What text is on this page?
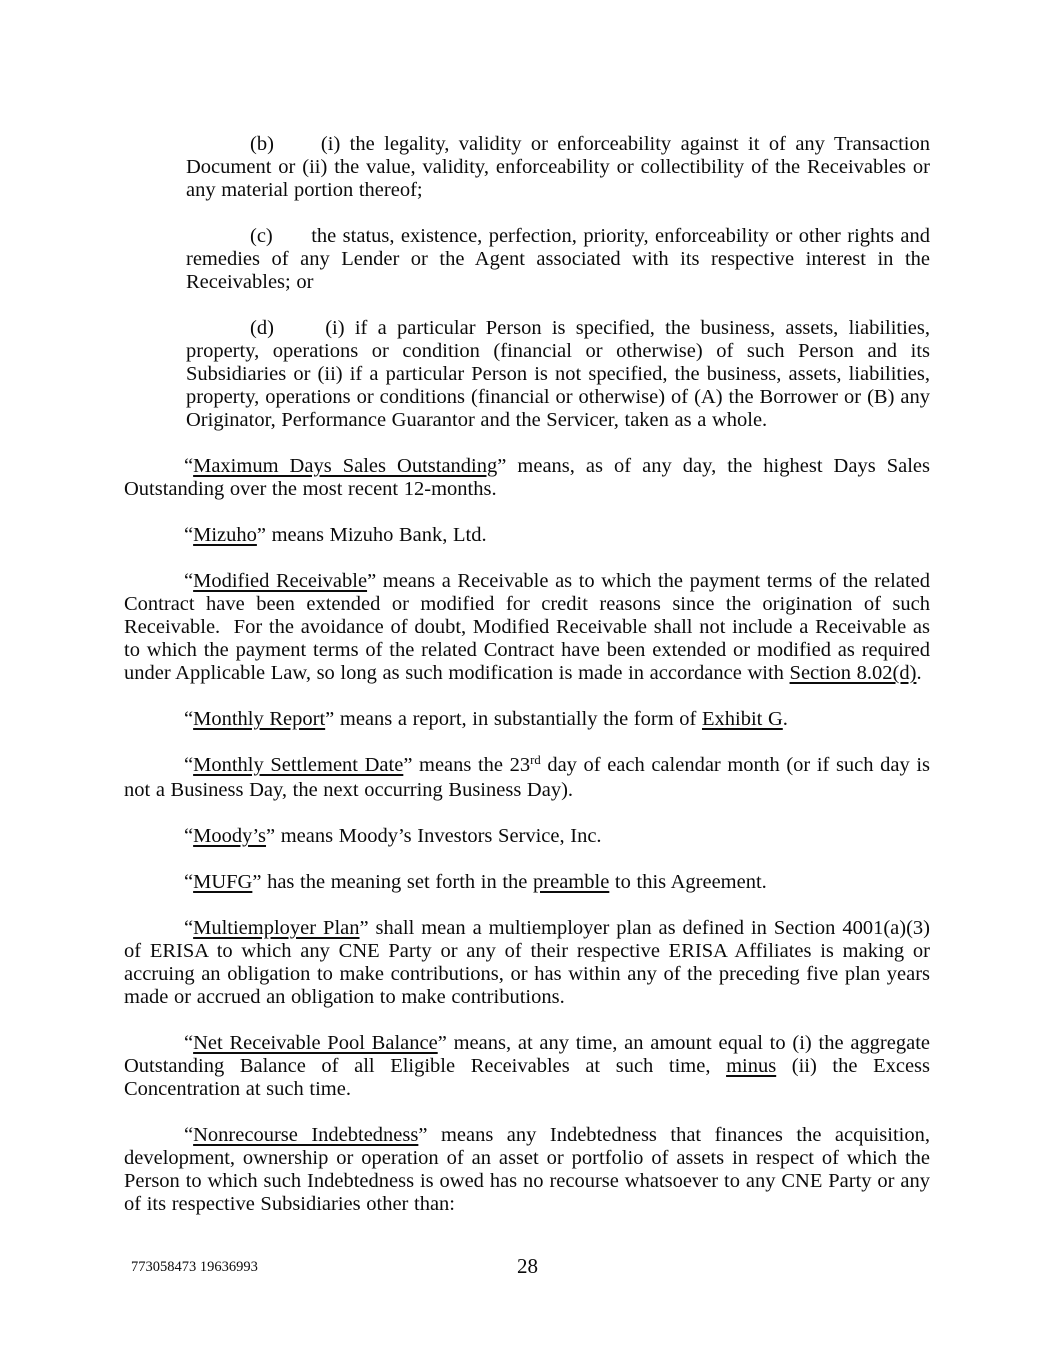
(b)     (i) the legality, validity or enforceability against it of any Transaction Document or (ii) the value, validity, enforceability or collectibility of the Receivables or any material portion thereof;

(c)      the status, existence, perfection, priority, enforceability or other rights and remedies of any Lender or the Agent associated with its respective interest in the Receivables; or

(d)     (i) if a particular Person is specified, the business, assets, liabilities, property, operations or condition (financial or otherwise) of such Person and its Subsidiaries or (ii) if a particular Person is not specified, the business, assets, liabilities, property, operations or conditions (financial or otherwise) of (A) the Borrower or (B) any Originator, Performance Guarantor and the Servicer, taken as a whole.

“Maximum Days Sales Outstanding” means, as of any day, the highest Days Sales Outstanding over the most recent 12-months.

“Mizuho” means Mizuho Bank, Ltd.

“Modified Receivable” means a Receivable as to which the payment terms of the related Contract have been extended or modified for credit reasons since the origination of such Receivable.  For the avoidance of doubt, Modified Receivable shall not include a Receivable as to which the payment terms of the related Contract have been extended or modified as required under Applicable Law, so long as such modification is made in accordance with Section 8.02(d).

“Monthly Report” means a report, in substantially the form of Exhibit G.

“Monthly Settlement Date” means the 23rd day of each calendar month (or if such day is not a Business Day, the next occurring Business Day).

“Moody’s” means Moody’s Investors Service, Inc.

“MUFG” has the meaning set forth in the preamble to this Agreement.

“Multiemployer Plan” shall mean a multiemployer plan as defined in Section 4001(a)(3) of ERISA to which any CNE Party or any of their respective ERISA Affiliates is making or accruing an obligation to make contributions, or has within any of the preceding five plan years made or accrued an obligation to make contributions.

“Net Receivable Pool Balance” means, at any time, an amount equal to (i) the aggregate Outstanding Balance of all Eligible Receivables at such time, minus (ii) the Excess Concentration at such time.

“Nonrecourse Indebtedness” means any Indebtedness that finances the acquisition, development, ownership or operation of an asset or portfolio of assets in respect of which the Person to which such Indebtedness is owed has no recourse whatsoever to any CNE Party or any of its respective Subsidiaries other than:

773058473 19636993	28
